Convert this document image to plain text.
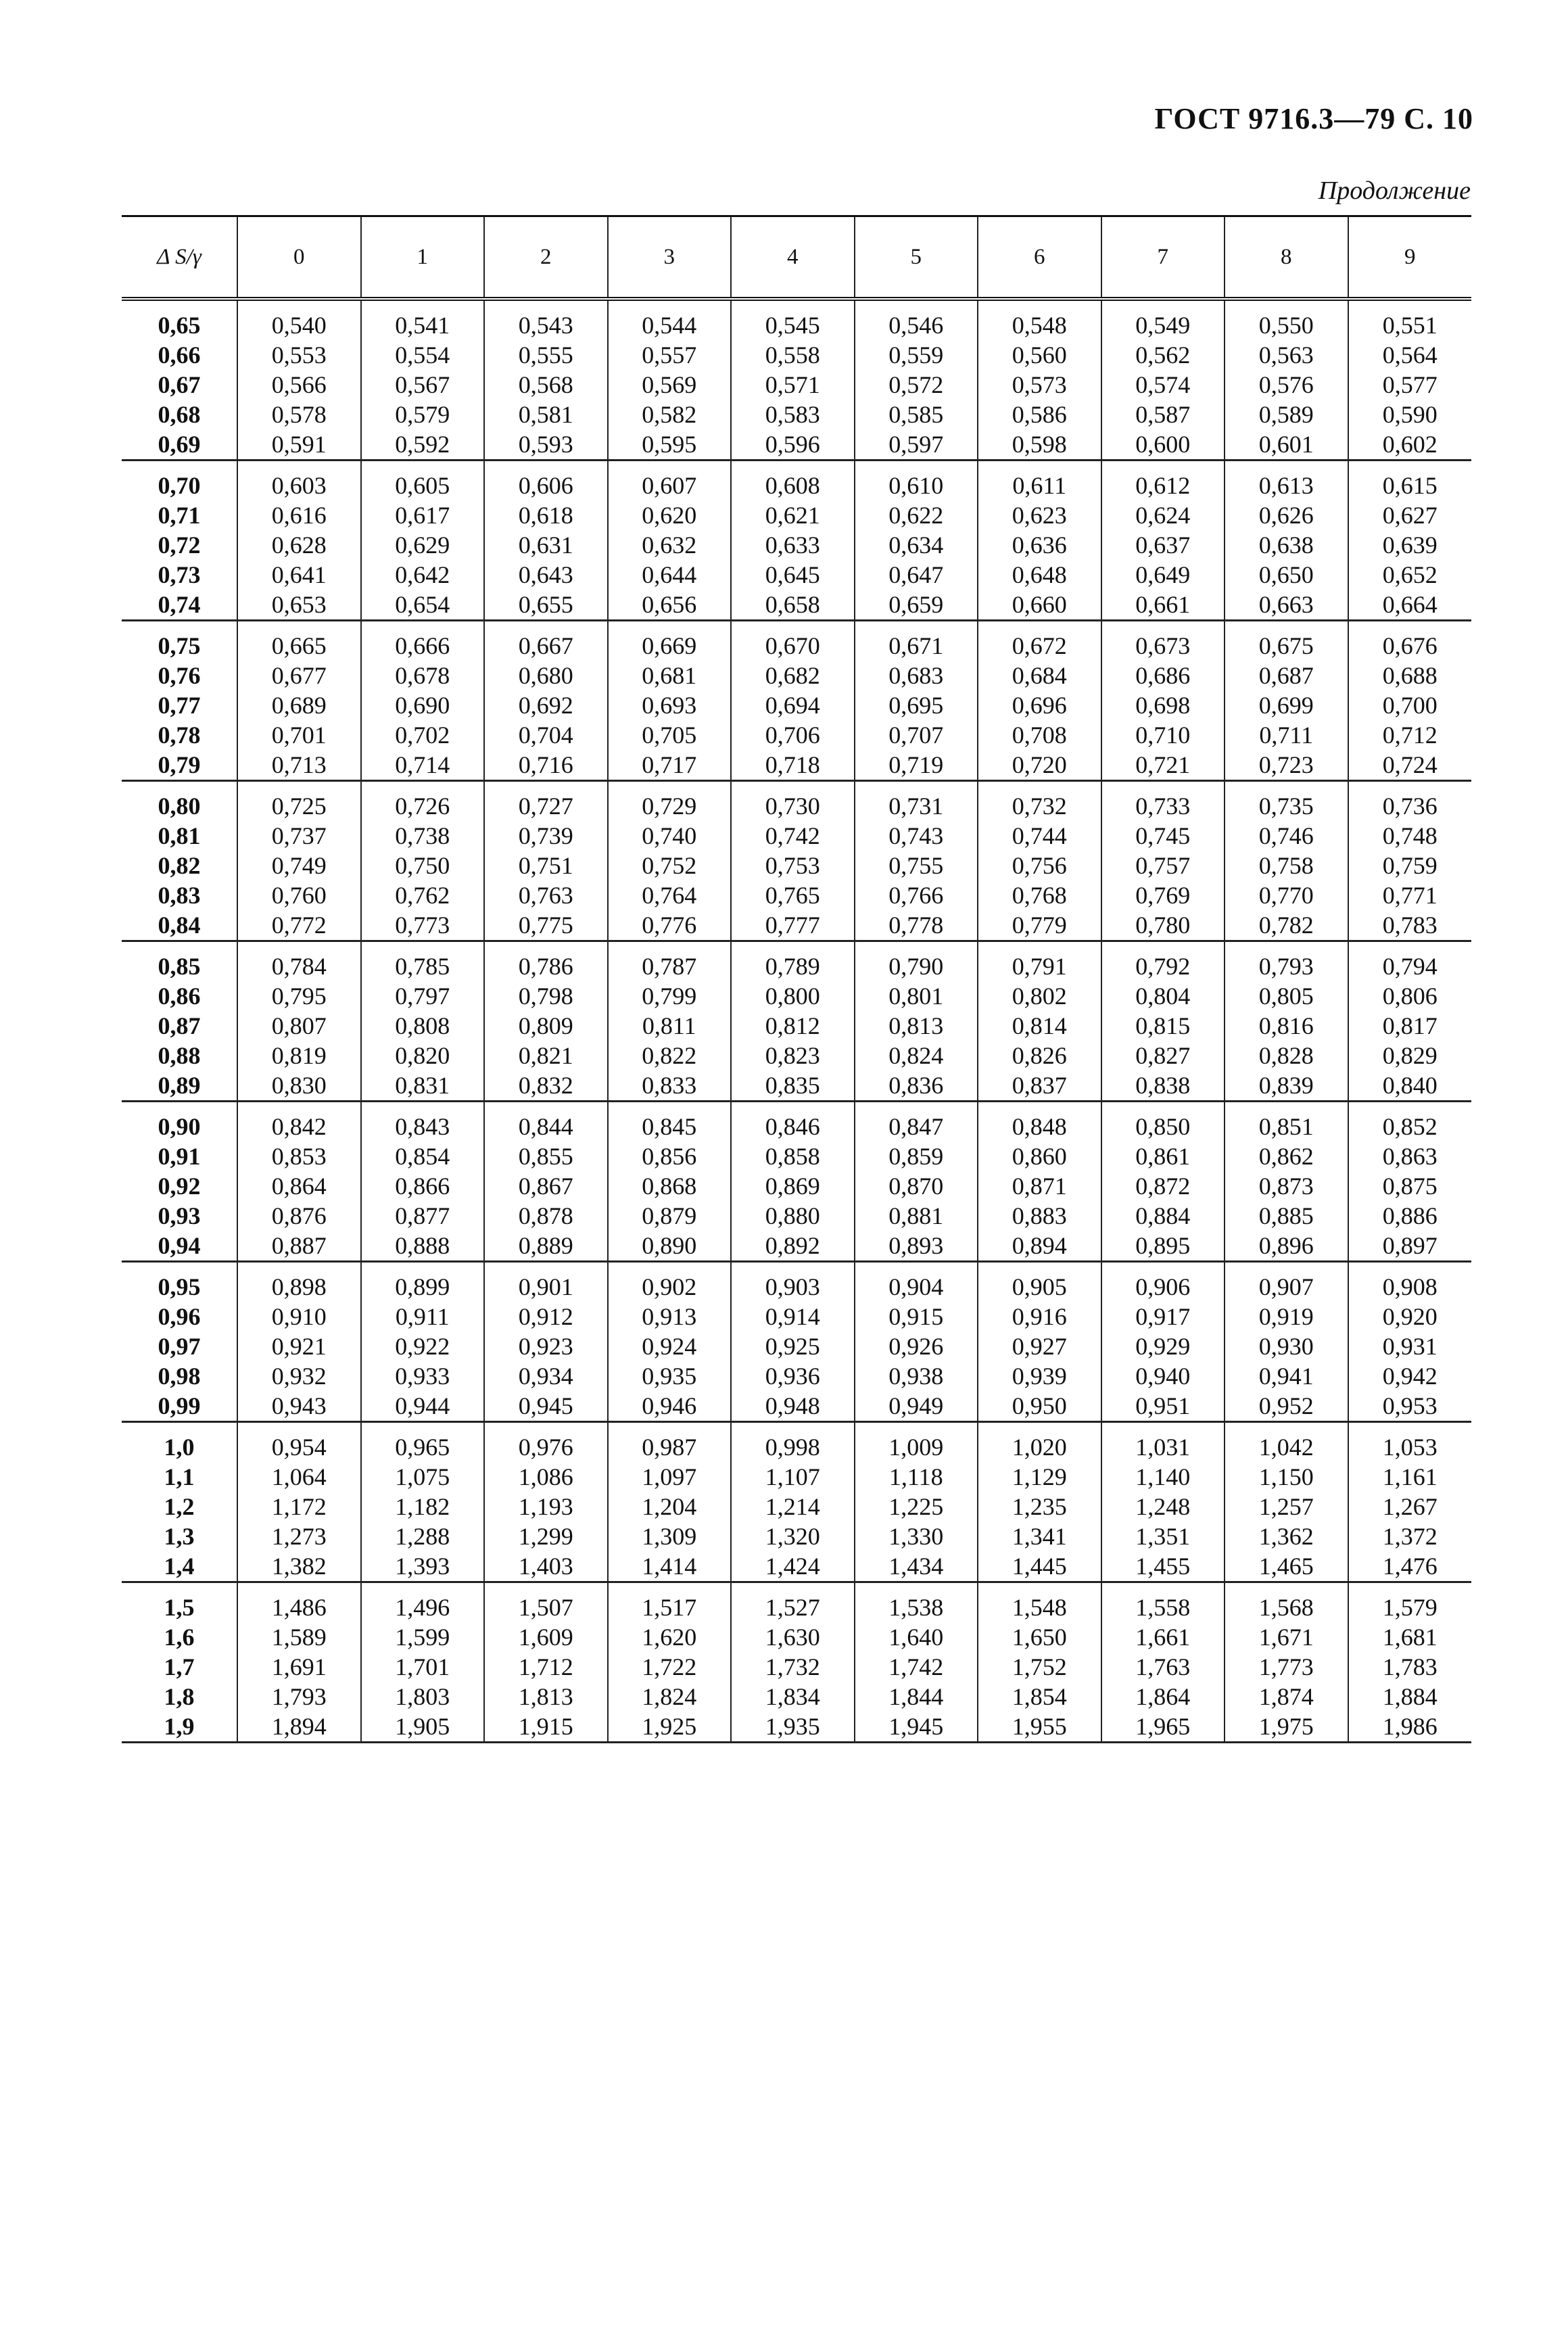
ГОСТ 9716.3—79 С. 10
Продолжение
Δ S/γ	0	1	2	3	4	5	6	7	8	9
0,65	0,540	0,541	0,543	0,544	0,545	0,546	0,548	0,549	0,550	0,551
0,66	0,553	0,554	0,555	0,557	0,558	0,559	0,560	0,562	0,563	0,564
0,67	0,566	0,567	0,568	0,569	0,571	0,572	0,573	0,574	0,576	0,577
0,68	0,578	0,579	0,581	0,582	0,583	0,585	0,586	0,587	0,589	0,590
0,69	0,591	0,592	0,593	0,595	0,596	0,597	0,598	0,600	0,601	0,602
0,70	0,603	0,605	0,606	0,607	0,608	0,610	0,611	0,612	0,613	0,615
0,71	0,616	0,617	0,618	0,620	0,621	0,622	0,623	0,624	0,626	0,627
0,72	0,628	0,629	0,631	0,632	0,633	0,634	0,636	0,637	0,638	0,639
0,73	0,641	0,642	0,643	0,644	0,645	0,647	0,648	0,649	0,650	0,652
0,74	0,653	0,654	0,655	0,656	0,658	0,659	0,660	0,661	0,663	0,664
0,75	0,665	0,666	0,667	0,669	0,670	0,671	0,672	0,673	0,675	0,676
0,76	0,677	0,678	0,680	0,681	0,682	0,683	0,684	0,686	0,687	0,688
0,77	0,689	0,690	0,692	0,693	0,694	0,695	0,696	0,698	0,699	0,700
0,78	0,701	0,702	0,704	0,705	0,706	0,707	0,708	0,710	0,711	0,712
0,79	0,713	0,714	0,716	0,717	0,718	0,719	0,720	0,721	0,723	0,724
0,80	0,725	0,726	0,727	0,729	0,730	0,731	0,732	0,733	0,735	0,736
0,81	0,737	0,738	0,739	0,740	0,742	0,743	0,744	0,745	0,746	0,748
0,82	0,749	0,750	0,751	0,752	0,753	0,755	0,756	0,757	0,758	0,759
0,83	0,760	0,762	0,763	0,764	0,765	0,766	0,768	0,769	0,770	0,771
0,84	0,772	0,773	0,775	0,776	0,777	0,778	0,779	0,780	0,782	0,783
0,85	0,784	0,785	0,786	0,787	0,789	0,790	0,791	0,792	0,793	0,794
0,86	0,795	0,797	0,798	0,799	0,800	0,801	0,802	0,804	0,805	0,806
0,87	0,807	0,808	0,809	0,811	0,812	0,813	0,814	0,815	0,816	0,817
0,88	0,819	0,820	0,821	0,822	0,823	0,824	0,826	0,827	0,828	0,829
0,89	0,830	0,831	0,832	0,833	0,835	0,836	0,837	0,838	0,839	0,840
0,90	0,842	0,843	0,844	0,845	0,846	0,847	0,848	0,850	0,851	0,852
0,91	0,853	0,854	0,855	0,856	0,858	0,859	0,860	0,861	0,862	0,863
0,92	0,864	0,866	0,867	0,868	0,869	0,870	0,871	0,872	0,873	0,875
0,93	0,876	0,877	0,878	0,879	0,880	0,881	0,883	0,884	0,885	0,886
0,94	0,887	0,888	0,889	0,890	0,892	0,893	0,894	0,895	0,896	0,897
0,95	0,898	0,899	0,901	0,902	0,903	0,904	0,905	0,906	0,907	0,908
0,96	0,910	0,911	0,912	0,913	0,914	0,915	0,916	0,917	0,919	0,920
0,97	0,921	0,922	0,923	0,924	0,925	0,926	0,927	0,929	0,930	0,931
0,98	0,932	0,933	0,934	0,935	0,936	0,938	0,939	0,940	0,941	0,942
0,99	0,943	0,944	0,945	0,946	0,948	0,949	0,950	0,951	0,952	0,953
1,0	0,954	0,965	0,976	0,987	0,998	1,009	1,020	1,031	1,042	1,053
1,1	1,064	1,075	1,086	1,097	1,107	1,118	1,129	1,140	1,150	1,161
1,2	1,172	1,182	1,193	1,204	1,214	1,225	1,235	1,248	1,257	1,267
1,3	1,273	1,288	1,299	1,309	1,320	1,330	1,341	1,351	1,362	1,372
1,4	1,382	1,393	1,403	1,414	1,424	1,434	1,445	1,455	1,465	1,476
1,5	1,486	1,496	1,507	1,517	1,527	1,538	1,548	1,558	1,568	1,579
1,6	1,589	1,599	1,609	1,620	1,630	1,640	1,650	1,661	1,671	1,681
1,7	1,691	1,701	1,712	1,722	1,732	1,742	1,752	1,763	1,773	1,783
1,8	1,793	1,803	1,813	1,824	1,834	1,844	1,854	1,864	1,874	1,884
1,9	1,894	1,905	1,915	1,925	1,935	1,945	1,955	1,965	1,975	1,986
